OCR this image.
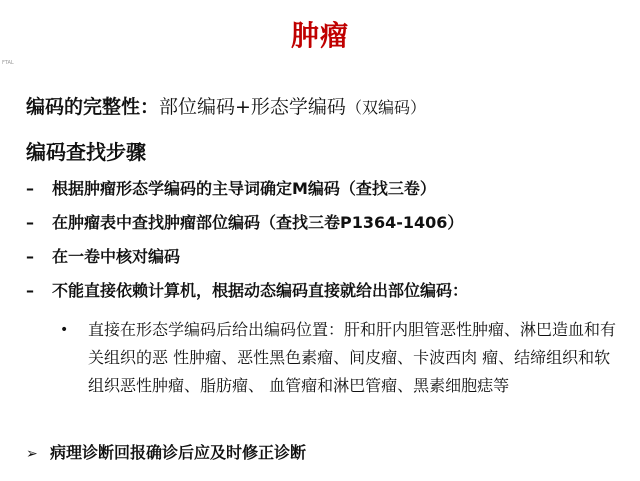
肿瘤
FTAL
编码的完整性：部位编码+形态学编码（双编码）
编码查找步骤
– 根据肿瘤形态学编码的主导词确定M编码（查找三卷）
– 在肿瘤表中查找肿瘤部位编码（查找三卷P1364-1406）
– 在一卷中核对编码
– 不能直接依赖计算机，根据动态编码直接就给出部位编码：
• 直接在形态学编码后给出编码位置：肝和肝内胆管恶性肿瘤、淋巴造血和有关组织的恶 性肿瘤、恶性黑色素瘤、间皮瘤、卡波西肉 瘤、结缔组织和软组织恶性肿瘤、脂肪瘤、 血管瘤和淋巴管瘤、黑素细胞痣等
➢ 病理诊断回报确诊后应及时修正诊断
